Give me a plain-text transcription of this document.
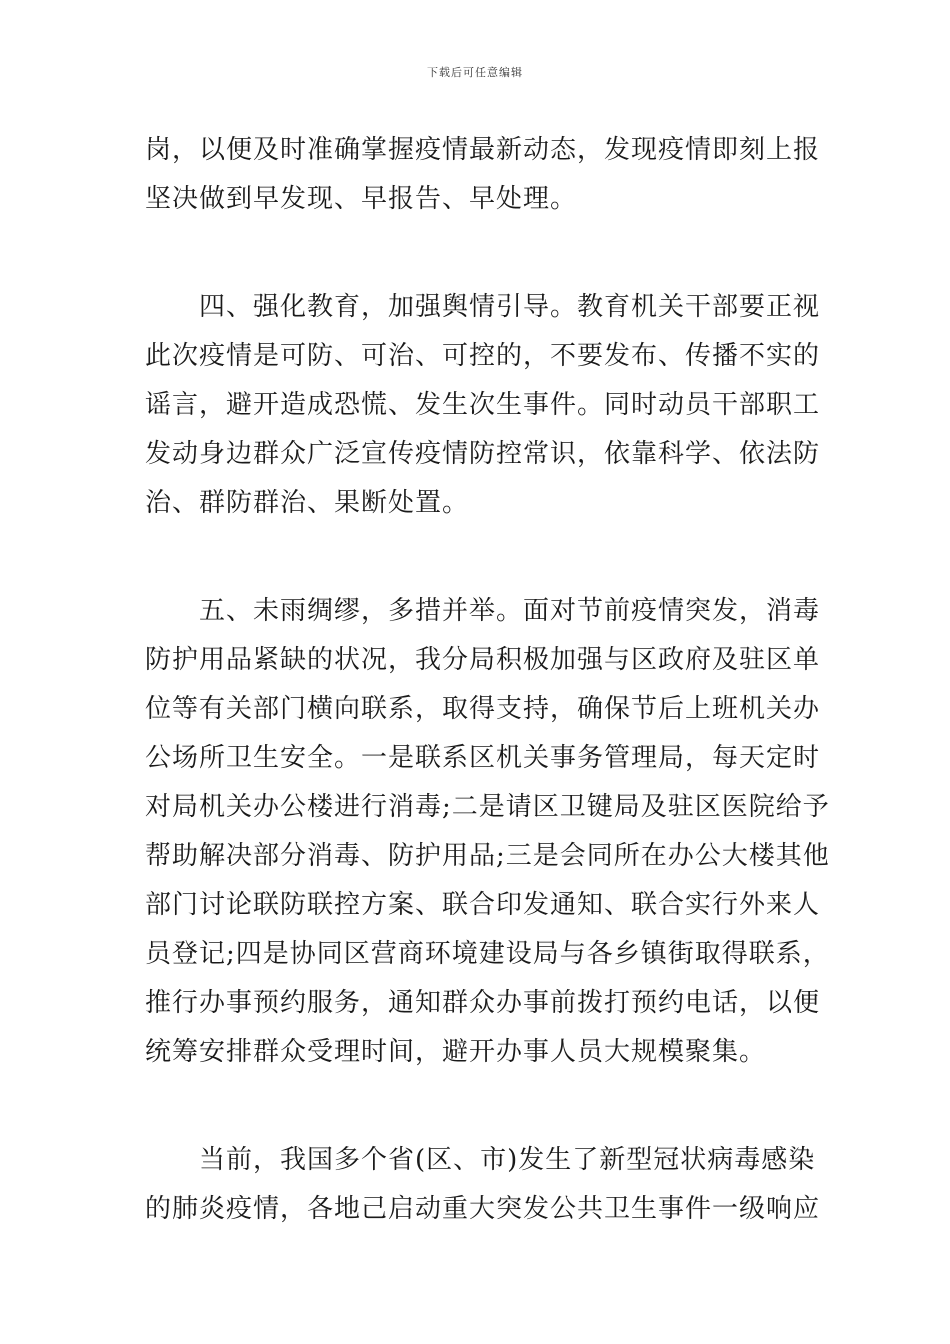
下载后可任意编辑

岗，以便及时准确掌握疫情最新动态，发现疫情即刻上报
坚决做到早发现、早报告、早处理。

　　四、强化教育，加强舆情引导。教育机关干部要正视
此次疫情是可防、可治、可控的，不要发布、传播不实的
谣言，避开造成恐慌、发生次生事件。同时动员干部职工
发动身边群众广泛宣传疫情防控常识，依靠科学、依法防
治、群防群治、果断处置。

　　五、未雨绸缪，多措并举。面对节前疫情突发，消毒
防护用品紧缺的状况，我分局积极加强与区政府及驻区单
位等有关部门横向联系，取得支持，确保节后上班机关办
公场所卫生安全。一是联系区机关事务管理局，每天定时
对局机关办公楼进行消毒;二是请区卫键局及驻区医院给予
帮助解决部分消毒、防护用品;三是会同所在办公大楼其他
部门讨论联防联控方案、联合印发通知、联合实行外来人
员登记;四是协同区营商环境建设局与各乡镇街取得联系，
推行办事预约服务，通知群众办事前拨打预约电话，以便
统筹安排群众受理时间，避开办事人员大规模聚集。

　　当前，我国多个省(区、市)发生了新型冠状病毒感染
的肺炎疫情，各地己启动重大突发公共卫生事件一级响应
